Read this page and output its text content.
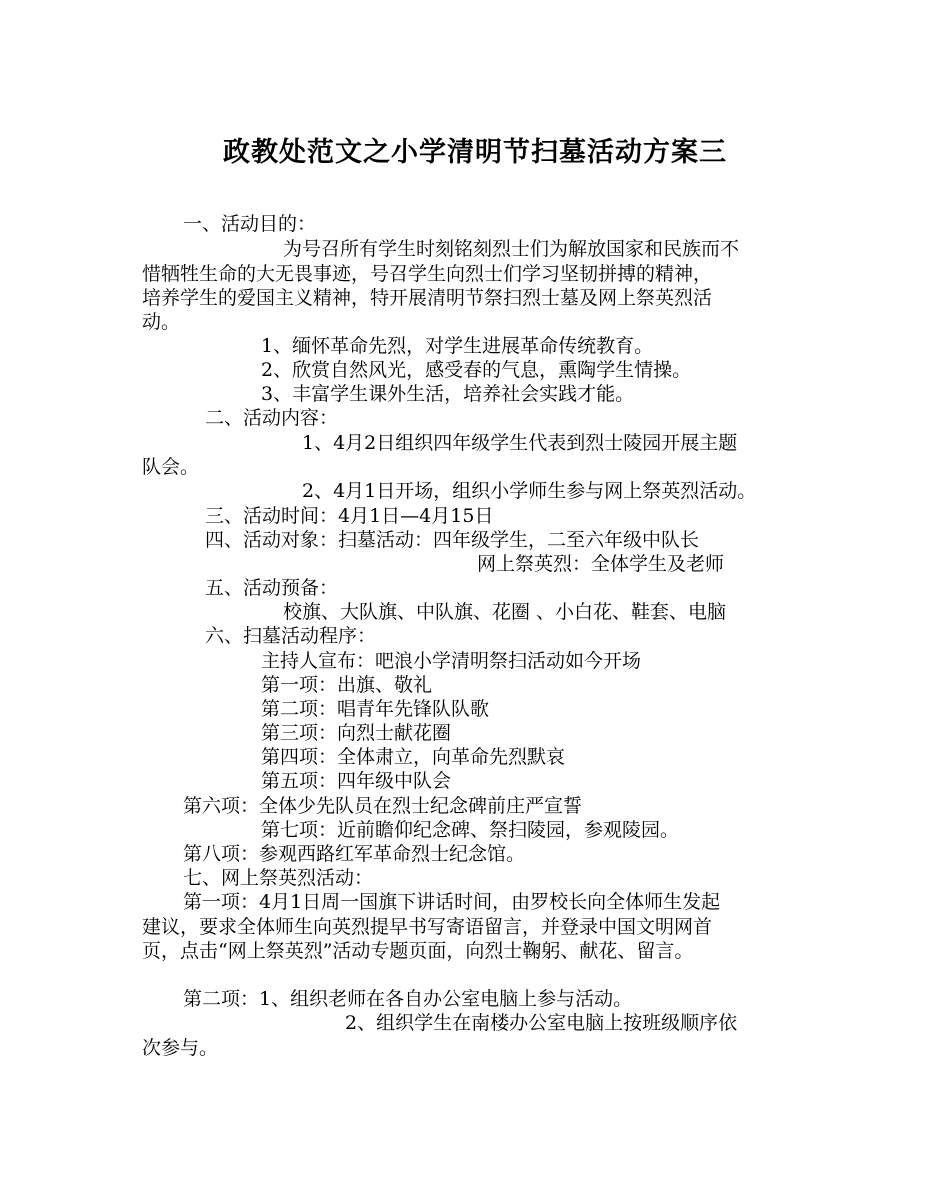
政教处范文之小学清明节扫墓活动方案三
一、活动目的：
为号召所有学生时刻铭刻烈士们为解放国家和民族而不
惜牺牲生命的大无畏事迹，号召学生向烈士们学习坚韧拼搏的精神，
培养学生的爱国主义精神，特开展清明节祭扫烈士墓及网上祭英烈活
动。
1、缅怀革命先烈，对学生进展革命传统教育。
2、欣赏自然风光，感受春的气息，熏陶学生情操。
3、丰富学生课外生活，培养社会实践才能。
二、活动内容：
1、4月2日组织四年级学生代表到烈士陵园开展主题
队会。
2、4月1日开场，组织小学师生参与网上祭英烈活动。
三、活动时间：4月1日—4月15日
四、活动对象：扫墓活动：四年级学生，二至六年级中队长
网上祭英烈：全体学生及老师
五、活动预备：
校旗、大队旗、中队旗、花圈 、小白花、鞋套、电脑
六、扫墓活动程序：
主持人宣布：吧浪小学清明祭扫活动如今开场
第一项：出旗、敬礼
第二项：唱青年先锋队队歌
第三项：向烈士献花圈
第四项：全体肃立，向革命先烈默哀
第五项：四年级中队会
第六项：全体少先队员在烈士纪念碑前庄严宣誓
第七项：近前瞻仰纪念碑、祭扫陵园，参观陵园。
第八项：参观西路红军革命烈士纪念馆。
七、网上祭英烈活动：
第一项：4月1日周一国旗下讲话时间，由罗校长向全体师生发起
建议，要求全体师生向英烈提早书写寄语留言，并登录中国文明网首
页，点击“网上祭英烈”活动专题页面，向烈士鞠躬、献花、留言。
第二项：1、组织老师在各自办公室电脑上参与活动。
2、组织学生在南楼办公室电脑上按班级顺序依
次参与。
